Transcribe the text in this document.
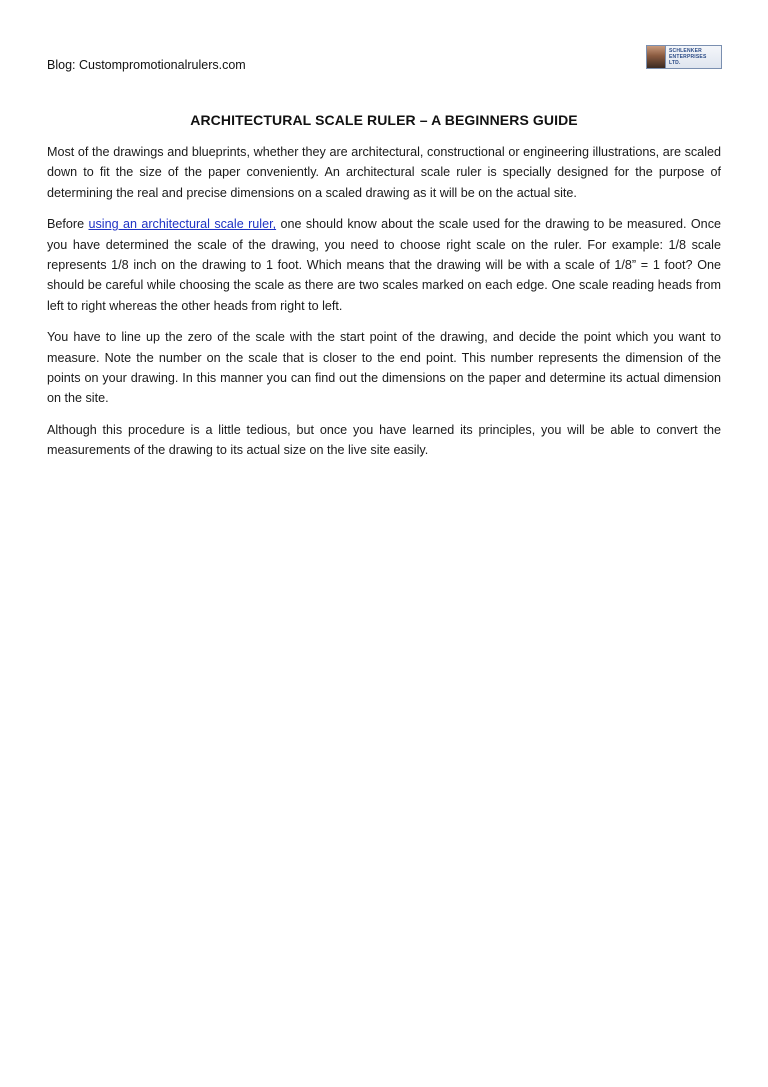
Blog: Custompromotionalrulers.com
SCHLENKER
ENTERPRISES
LTD.
ARCHITECTURAL SCALE RULER – A BEGINNERS GUIDE

Most of the drawings and blueprints, whether they are architectural, constructional or engineering illustrations, are scaled down to fit the size of the paper conveniently. An architectural scale ruler is specially designed for the purpose of determining the real and precise dimensions on a scaled drawing as it will be on the actual site.

Before using an architectural scale ruler, one should know about the scale used for the drawing to be measured. Once you have determined the scale of the drawing, you need to choose right scale on the ruler. For example: 1/8 scale represents 1/8 inch on the drawing to 1 foot. Which means that the drawing will be with a scale of 1/8” = 1 foot? One should be careful while choosing the scale as there are two scales marked on each edge. One scale reading heads from left to right whereas the other heads from right to left.

You have to line up the zero of the scale with the start point of the drawing, and decide the point which you want to measure. Note the number on the scale that is closer to the end point. This number represents the dimension of the points on your drawing. In this manner you can find out the dimensions on the paper and determine its actual dimension on the site.

Although this procedure is a little tedious, but once you have learned its principles, you will be able to convert the measurements of the drawing to its actual size on the live site easily.
